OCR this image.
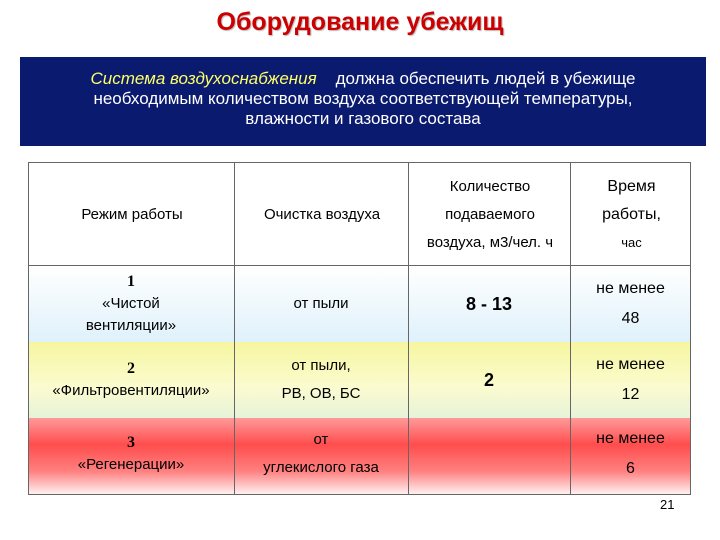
Оборудование убежищ
Система воздухоснабжения должна обеспечить людей в убежище
необходимым количеством воздуха соответствующей температуры,
влажности и газового состава
Режим работы	Очистка воздуха
Количество
подаваемого
воздуха, м3/чел. ч
Время
работы,
час
1
«Чистой
вентиляции»
от пыли	8 - 13
не менее
48
2
«Фильтровентиляции»
от пыли,
РВ, ОВ, БС
2
не менее
12
3
«Регенерации»
от
углекислого газа
не менее
6
21
